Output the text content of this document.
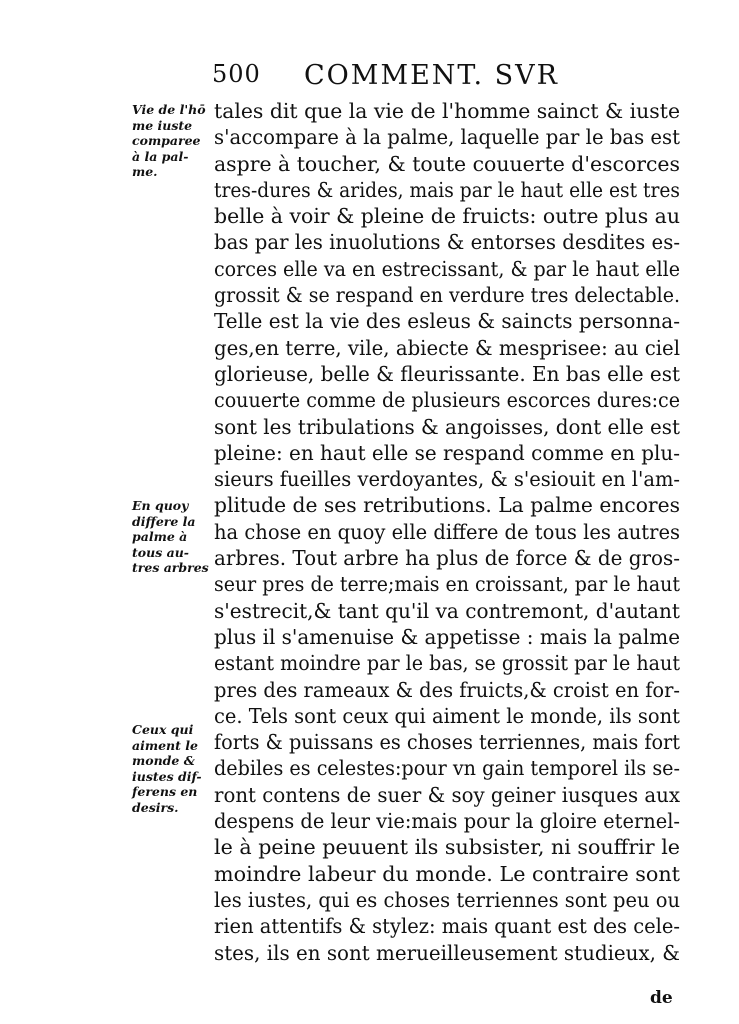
500 COMMENT. SVR
Vie de l'hō
me iuste
comparee
à la pal-
me.
En quoy
differe la
palme à
tous au-
tres arbres
Ceux qui
aiment le
monde &
iustes dif-
ferens en
desirs.
tales dit que la vie de l'homme sainct & iuste
s'accompare à la palme, laquelle par le bas est
aspre à toucher, & toute couuerte d'escorces
tres-dures & arides, mais par le haut elle est tres
belle à voir & pleine de fruicts: outre plus au
bas par les inuolutions & entorses desdites es-
corces elle va en estrecissant, & par le haut elle
grossit & se respand en verdure tres delectable.
Telle est la vie des esleus & saincts personna-
ges,en terre, vile, abiecte & mesprisee: au ciel
glorieuse, belle & fleurissante. En bas elle est
couuerte comme de plusieurs escorces dures:ce
sont les tribulations & angoisses, dont elle est
pleine: en haut elle se respand comme en plu-
sieurs fueilles verdoyantes, & s'esiouit en l'am-
plitude de ses retributions. La palme encores
ha chose en quoy elle differe de tous les autres
arbres. Tout arbre ha plus de force & de gros-
seur pres de terre;mais en croissant, par le haut
s'estrecit,& tant qu'il va contremont, d'autant
plus il s'amenuise & appetisse : mais la palme
estant moindre par le bas, se grossit par le haut
pres des rameaux & des fruicts,& croist en for-
ce. Tels sont ceux qui aiment le monde, ils sont
forts & puissans es choses terriennes, mais fort
debiles es celestes:pour vn gain temporel ils se-
ront contens de suer & soy geiner iusques aux
despens de leur vie:mais pour la gloire eternel-
le à peine peuuent ils subsister, ni souffrir le
moindre labeur du monde. Le contraire sont
les iustes, qui es choses terriennes sont peu ou
rien attentifs & stylez: mais quant est des cele-
stes, ils en sont merueilleusement studieux, &
de
